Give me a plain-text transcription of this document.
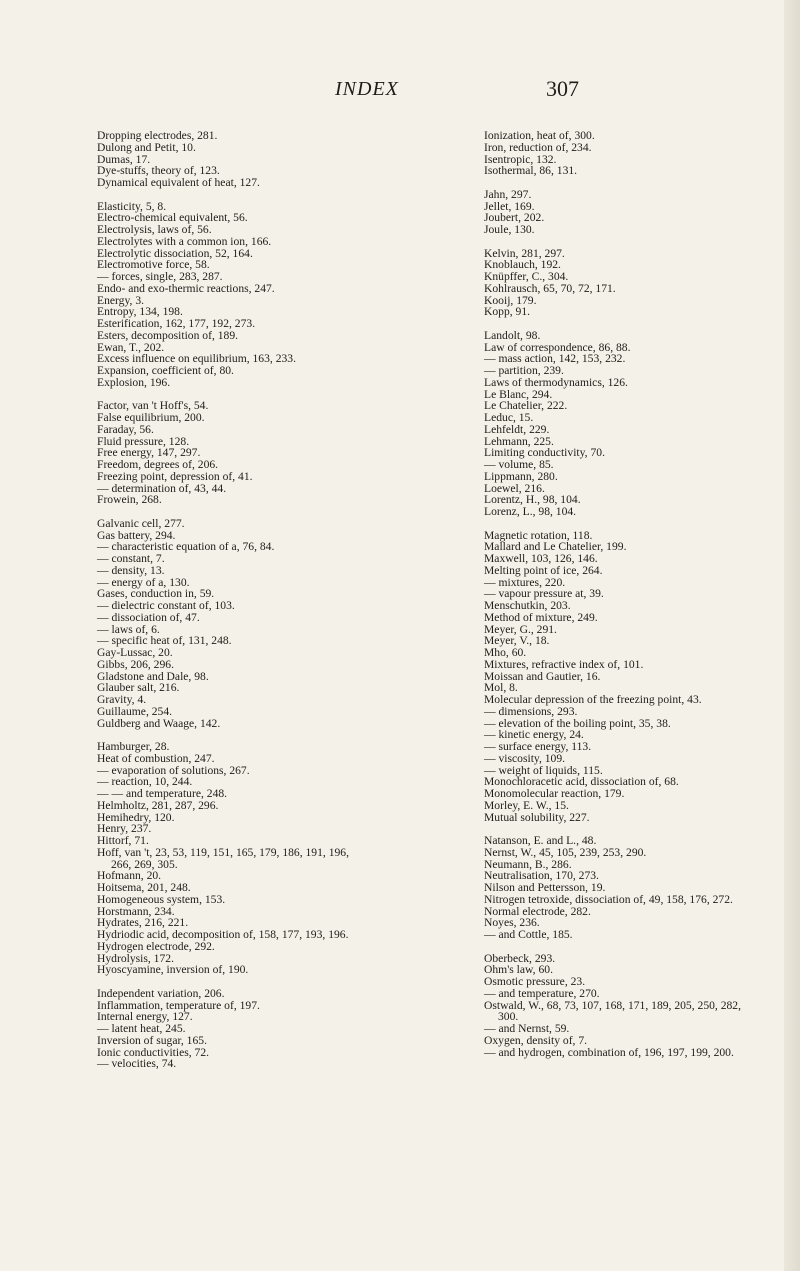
INDEX	307
Dropping electrodes, 281.
Dulong and Petit, 10.
Dumas, 17.
Dye-stuffs, theory of, 123.
Dynamical equivalent of heat, 127.
Elasticity, 5, 8.
Electro-chemical equivalent, 56.
Electrolysis, laws of, 56.
Electrolytes with a common ion, 166.
Electrolytic dissociation, 52, 164.
Electromotive force, 58.
— forces, single, 283, 287.
Endo- and exo-thermic reactions, 247.
Energy, 3.
Entropy, 134, 198.
Esterification, 162, 177, 192, 273.
Esters, decomposition of, 189.
Ewan, T., 202.
Excess influence on equilibrium, 163, 233.
Expansion, coefficient of, 80.
Explosion, 196.
Factor, van 't Hoff's, 54.
False equilibrium, 200.
Faraday, 56.
Fluid pressure, 128.
Free energy, 147, 297.
Freedom, degrees of, 206.
Freezing point, depression of, 41.
— determination of, 43, 44.
Frowein, 268.
Galvanic cell, 277.
Gas battery, 294.
— characteristic equation of a, 76, 84.
— constant, 7.
— density, 13.
— energy of a, 130.
Gases, conduction in, 59.
— dielectric constant of, 103.
— dissociation of, 47.
— laws of, 6.
— specific heat of, 131, 248.
Gay-Lussac, 20.
Gibbs, 206, 296.
Gladstone and Dale, 98.
Glauber salt, 216.
Gravity, 4.
Guillaume, 254.
Guldberg and Waage, 142.
Hamburger, 28.
Heat of combustion, 247.
— evaporation of solutions, 267.
— reaction, 10, 244.
— — and temperature, 248.
Helmholtz, 281, 287, 296.
Hemihedry, 120.
Henry, 237.
Hittorf, 71.
Hoff, van 't, 23, 53, 119, 151, 165, 179, 186, 191, 196,
266, 269, 305.
Hofmann, 20.
Hoitsema, 201, 248.
Homogeneous system, 153.
Horstmann, 234.
Hydrates, 216, 221.
Hydriodic acid, decomposition of, 158, 177, 193, 196.
Hydrogen electrode, 292.
Hydrolysis, 172.
Hyoscyamine, inversion of, 190.
Independent variation, 206.
Inflammation, temperature of, 197.
Internal energy, 127.
— latent heat, 245.
Inversion of sugar, 165.
Ionic conductivities, 72.
— velocities, 74.
Ionization, heat of, 300.
Iron, reduction of, 234.
Isentropic, 132.
Isothermal, 86, 131.
Jahn, 297.
Jellet, 169.
Joubert, 202.
Joule, 130.
Kelvin, 281, 297.
Knoblauch, 192.
Knüpffer, C., 304.
Kohlrausch, 65, 70, 72, 171.
Kooij, 179.
Kopp, 91.
Landolt, 98.
Law of correspondence, 86, 88.
— mass action, 142, 153, 232.
— partition, 239.
Laws of thermodynamics, 126.
Le Blanc, 294.
Le Chatelier, 222.
Leduc, 15.
Lehfeldt, 229.
Lehmann, 225.
Limiting conductivity, 70.
— volume, 85.
Lippmann, 280.
Loewel, 216.
Lorentz, H., 98, 104.
Lorenz, L., 98, 104.
Magnetic rotation, 118.
Mallard and Le Chatelier, 199.
Maxwell, 103, 126, 146.
Melting point of ice, 264.
— mixtures, 220.
— vapour pressure at, 39.
Menschutkin, 203.
Method of mixture, 249.
Meyer, G., 291.
Meyer, V., 18.
Mho, 60.
Mixtures, refractive index of, 101.
Moissan and Gautier, 16.
Mol, 8.
Molecular depression of the freezing point, 43.
— dimensions, 293.
— elevation of the boiling point, 35, 38.
— kinetic energy, 24.
— surface energy, 113.
— viscosity, 109.
— weight of liquids, 115.
Monochloracetic acid, dissociation of, 68.
Monomolecular reaction, 179.
Morley, E. W., 15.
Mutual solubility, 227.
Natanson, E. and L., 48.
Nernst, W., 45, 105, 239, 253, 290.
Neumann, B., 286.
Neutralisation, 170, 273.
Nilson and Pettersson, 19.
Nitrogen tetroxide, dissociation of, 49, 158, 176, 272.
Normal electrode, 282.
Noyes, 236.
— and Cottle, 185.
Oberbeck, 293.
Ohm's law, 60.
Osmotic pressure, 23.
— and temperature, 270.
Ostwald, W., 68, 73, 107, 168, 171, 189, 205, 250, 282,
300.
— and Nernst, 59.
Oxygen, density of, 7.
— and hydrogen, combination of, 196, 197, 199, 200.
